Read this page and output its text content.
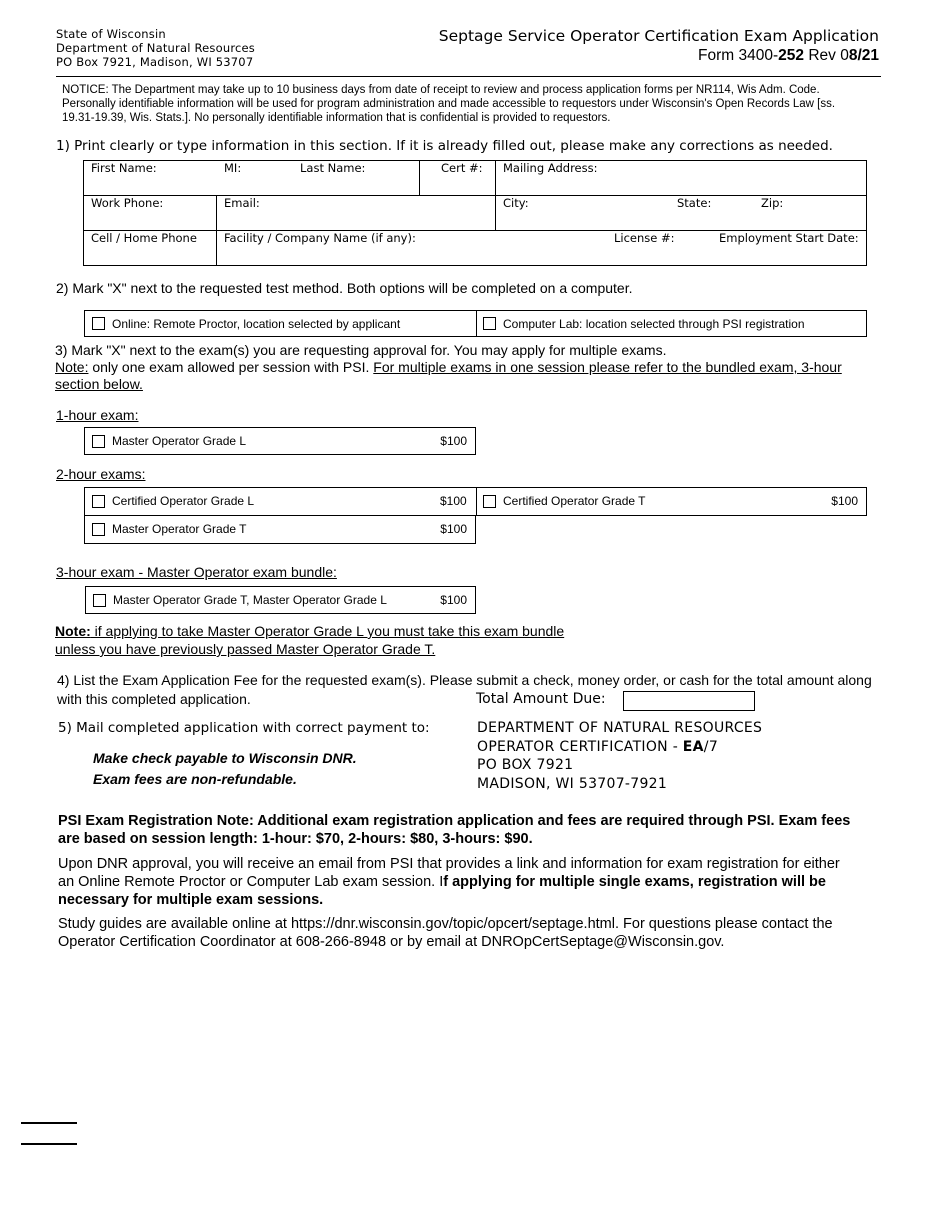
State of Wisconsin
Department of Natural Resources
PO Box 7921, Madison, WI 53707
Septage Service Operator Certification Exam Application
Form 3400-252 Rev 08/21
NOTICE: The Department may take up to 10 business days from date of receipt to review and process application forms per NR114, Wis Adm. Code. Personally identifiable information will be used for program administration and made accessible to requestors under Wisconsin's Open Records Law [ss. 19.31-19.39, Wis. Stats.]. No personally identifiable information that is confidential is provided to requestors.
1) Print clearly or type information in this section. If it is already filled out, please make any corrections as needed.
First Name:	MI:	Last Name:	Cert #: Mailing Address:
Work Phone:	Email:	City:	State:	Zip:
Cell / Home Phone Facility / Company Name (if any):	License #:	Employment Start Date:
2) Mark "X" next to the requested test method. Both options will be completed on a computer.
Online: Remote Proctor, location selected by applicant	Computer Lab: location selected through PSI registration
3) Mark "X" next to the exam(s) you are requesting approval for. You may apply for multiple exams.
Note: only one exam allowed per session with PSI. For multiple exams in one session please refer to the bundled exam, 3-hour section below.
1-hour exam:
Master Operator Grade L	$100
2-hour exams:
Certified Operator Grade L	$100	Certified Operator Grade T	$100
Master Operator Grade T	$100
3-hour exam - Master Operator exam bundle:
Master Operator Grade T, Master Operator Grade L	$100
Note: if applying to take Master Operator Grade L you must take this exam bundle unless you have previously passed Master Operator Grade T.
4) List the Exam Application Fee for the requested exam(s). Please submit a check, money order, or cash for the total amount along with this completed application.	Total Amount Due:
5) Mail completed application with correct payment to:
Make check payable to Wisconsin DNR.
Exam fees are non-refundable.
DEPARTMENT OF NATURAL RESOURCES
OPERATOR CERTIFICATION - EA/7
PO BOX 7921
MADISON, WI 53707-7921
PSI Exam Registration Note: Additional exam registration application and fees are required through PSI. Exam fees are based on session length: 1-hour: $70, 2-hours: $80, 3-hours: $90.
Upon DNR approval, you will receive an email from PSI that provides a link and information for exam registration for either an Online Remote Proctor or Computer Lab exam session. If applying for multiple single exams, registration will be necessary for multiple exam sessions.
Study guides are available online at https://dnr.wisconsin.gov/topic/opcert/septage.html. For questions please contact the Operator Certification Coordinator at 608-266-8948 or by email at DNROpCertSeptage@Wisconsin.gov.
